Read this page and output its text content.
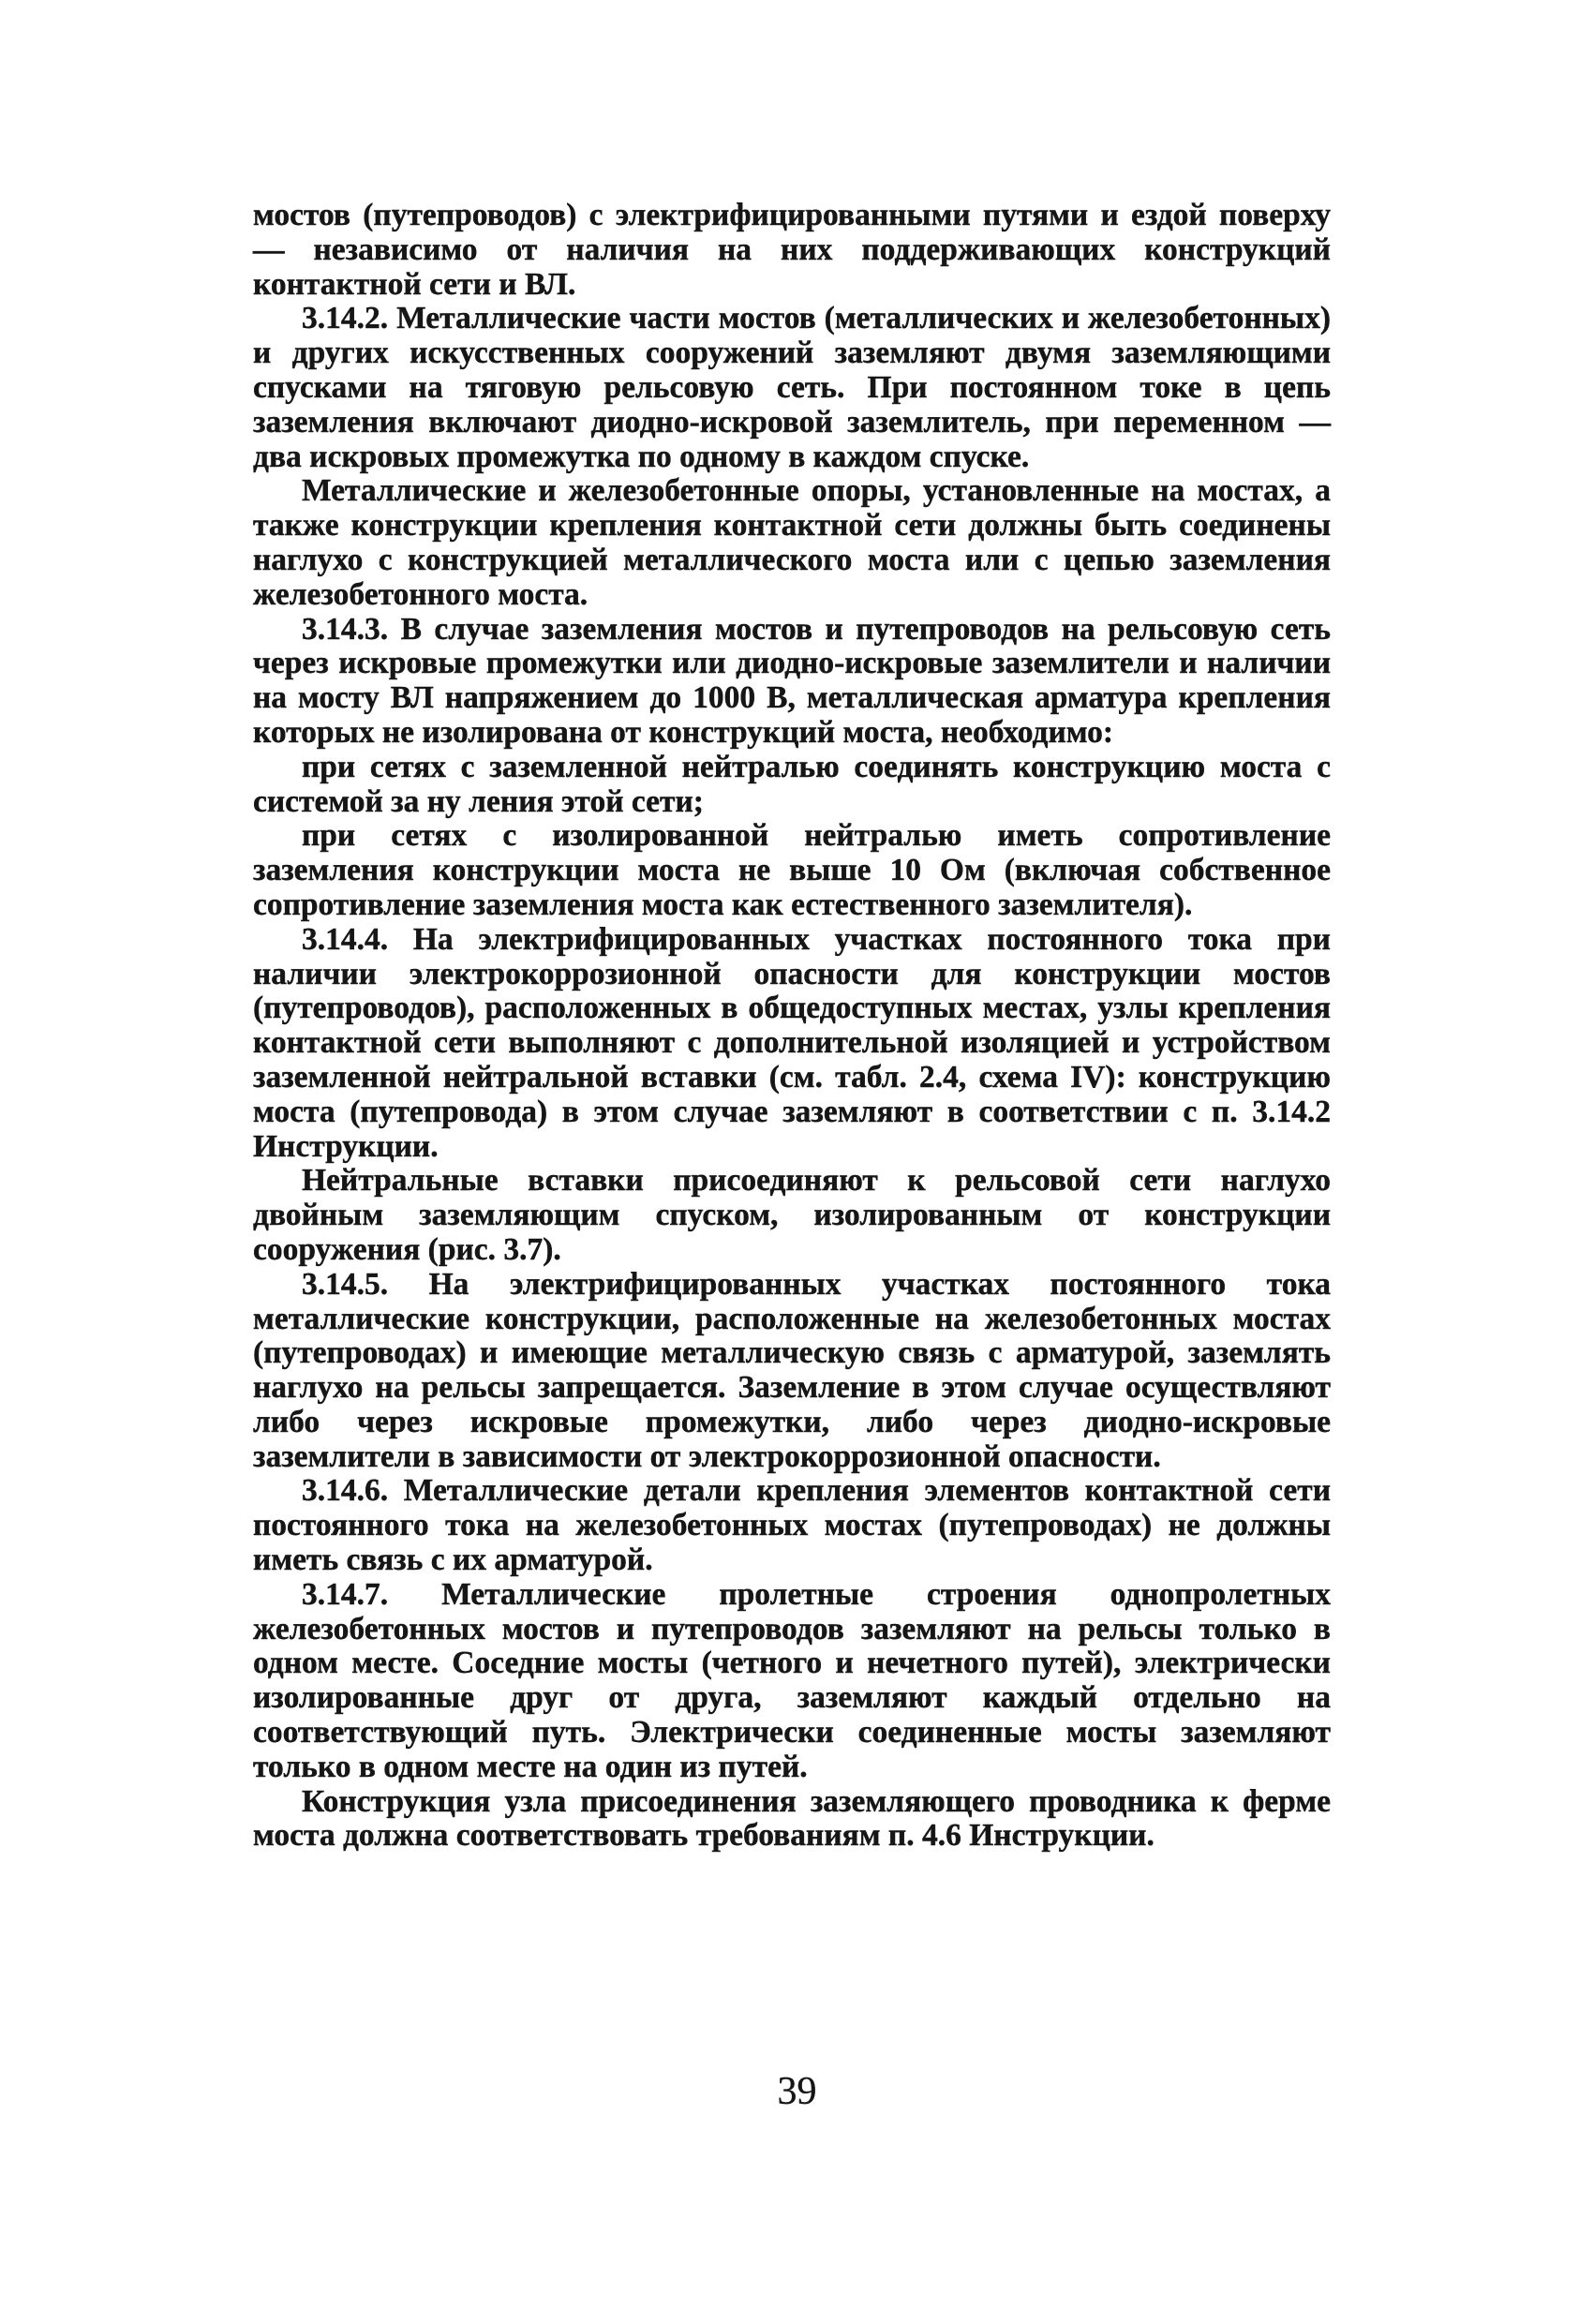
мостов (путепроводов) с электрифицированными путями и ездой поверху — независимо от наличия на них поддерживающих конструкций контактной сети и ВЛ.

3.14.2. Металлические части мостов (металлических и железобетонных) и других искусственных сооружений заземляют двумя заземляющими спусками на тяговую рельсовую сеть. При постоянном токе в цепь заземления включают диодно-искровой заземлитель, при переменном — два искровых промежутка по одному в каждом спуске.

Металлические и железобетонные опоры, установленные на мостах, а также конструкции крепления контактной сети должны быть соединены наглухо с конструкцией металлического моста или с цепью заземления железобетонного моста.

3.14.3. В случае заземления мостов и путепроводов на рельсовую сеть через искровые промежутки или диодно-искровые заземлители и наличии на мосту ВЛ напряжением до 1000 В, металлическая арматура крепления которых не изолирована от конструкций моста, необходимо:

при сетях с заземленной нейтралью соединять конструкцию моста с системой за ну ления этой сети;

при сетях с изолированной нейтралью иметь сопротивление заземления конструкции моста не выше 10 Ом (включая собственное сопротивление заземления моста как естественного заземлителя).

3.14.4. На электрифицированных участках постоянного тока при наличии электрокоррозионной опасности для конструкции мостов (путепроводов), расположенных в общедоступных местах, узлы крепления контактной сети выполняют с дополнительной изоляцией и устройством заземленной нейтральной вставки (см. табл. 2.4, схема IV): конструкцию моста (путепровода) в этом случае заземляют в соответствии с п. 3.14.2 Инструкции.

Нейтральные вставки присоединяют к рельсовой сети наглухо двойным заземляющим спуском, изолированным от конструкции сооружения (рис. 3.7).

3.14.5. На электрифицированных участках постоянного тока металлические конструкции, расположенные на железобетонных мостах (путепроводах) и имеющие металлическую связь с арматурой, заземлять наглухо на рельсы запрещается. Заземление в этом случае осуществляют либо через искровые промежутки, либо через диодно-искровые заземлители в зависимости от электрокоррозионной опасности.

3.14.6. Металлические детали крепления элементов контактной сети постоянного тока на железобетонных мостах (путепроводах) не должны иметь связь с их арматурой.

3.14.7. Металлические пролетные строения однопролетных железобетонных мостов и путепроводов заземляют на рельсы только в одном месте. Соседние мосты (четного и нечетного путей), электрически изолированные друг от друга, заземляют каждый отдельно на соответствующий путь. Электрически соединенные мосты заземляют только в одном месте на один из путей.

Конструкция узла присоединения заземляющего проводника к ферме моста должна соответствовать требованиям п. 4.6 Инструкции.

39
